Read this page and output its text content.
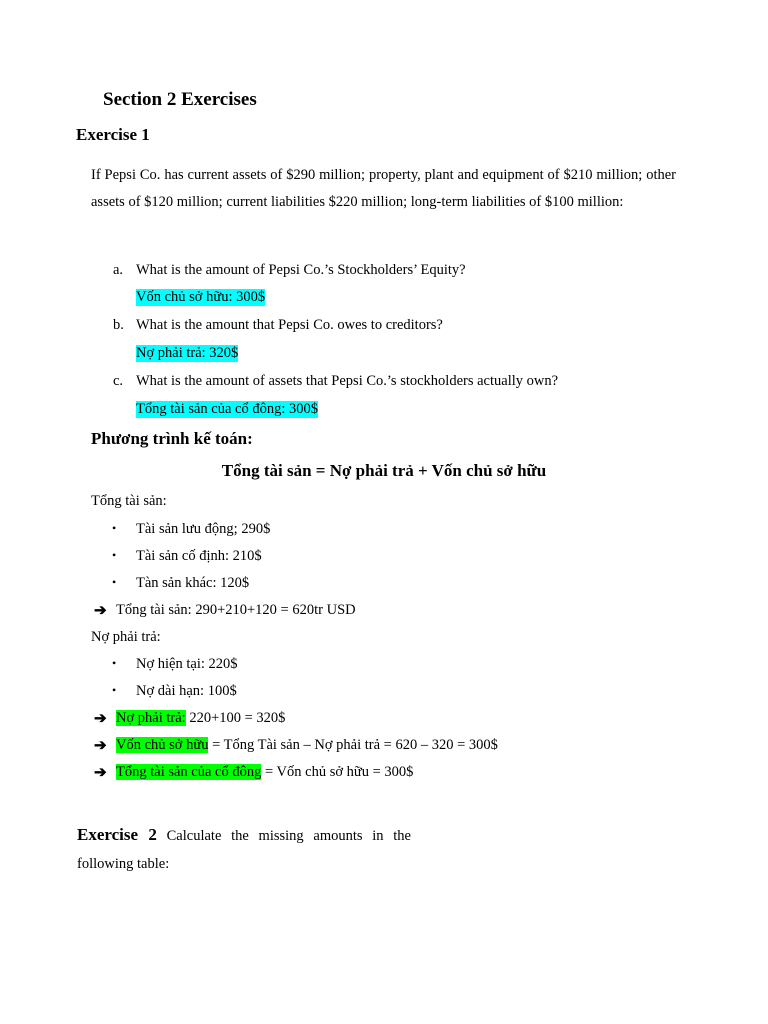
Section 2 Exercises
Exercise 1
If Pepsi Co. has current assets of $290 million; property, plant and equipment of $210 million; other assets of $120 million; current liabilities $220 million; long-term liabilities of $100 million:
a. What is the amount of Pepsi Co.’s Stockholders’ Equity?
Vốn chủ sở hữu: 300$
b. What is the amount that Pepsi Co. owes to creditors?
Nợ phải trả: 320$
c. What is the amount of assets that Pepsi Co.’s stockholders actually own?
Tổng tài sản của cổ đông: 300$
Phương trình kế toán:
Tổng tài sản = Nợ phải trả + Vốn chủ sở hữu
Tổng tài sản:
• Tài sản lưu động; 290$
• Tài sản cố định: 210$
• Tàn sản khác: 120$
➔ Tổng tài sản: 290+210+120 = 620tr USD
Nợ phải trả:
• Nợ hiện tại: 220$
• Nợ dài hạn: 100$
➔ Nợ phải trả: 220+100 = 320$
➔ Vốn chủ sở hữu = Tổng Tài sản – Nợ phải trả = 620 – 320 = 300$
➔ Tổng tài sản của cổ đông = Vốn chủ sở hữu = 300$
Exercise 2 Calculate the missing amounts in the following table:
